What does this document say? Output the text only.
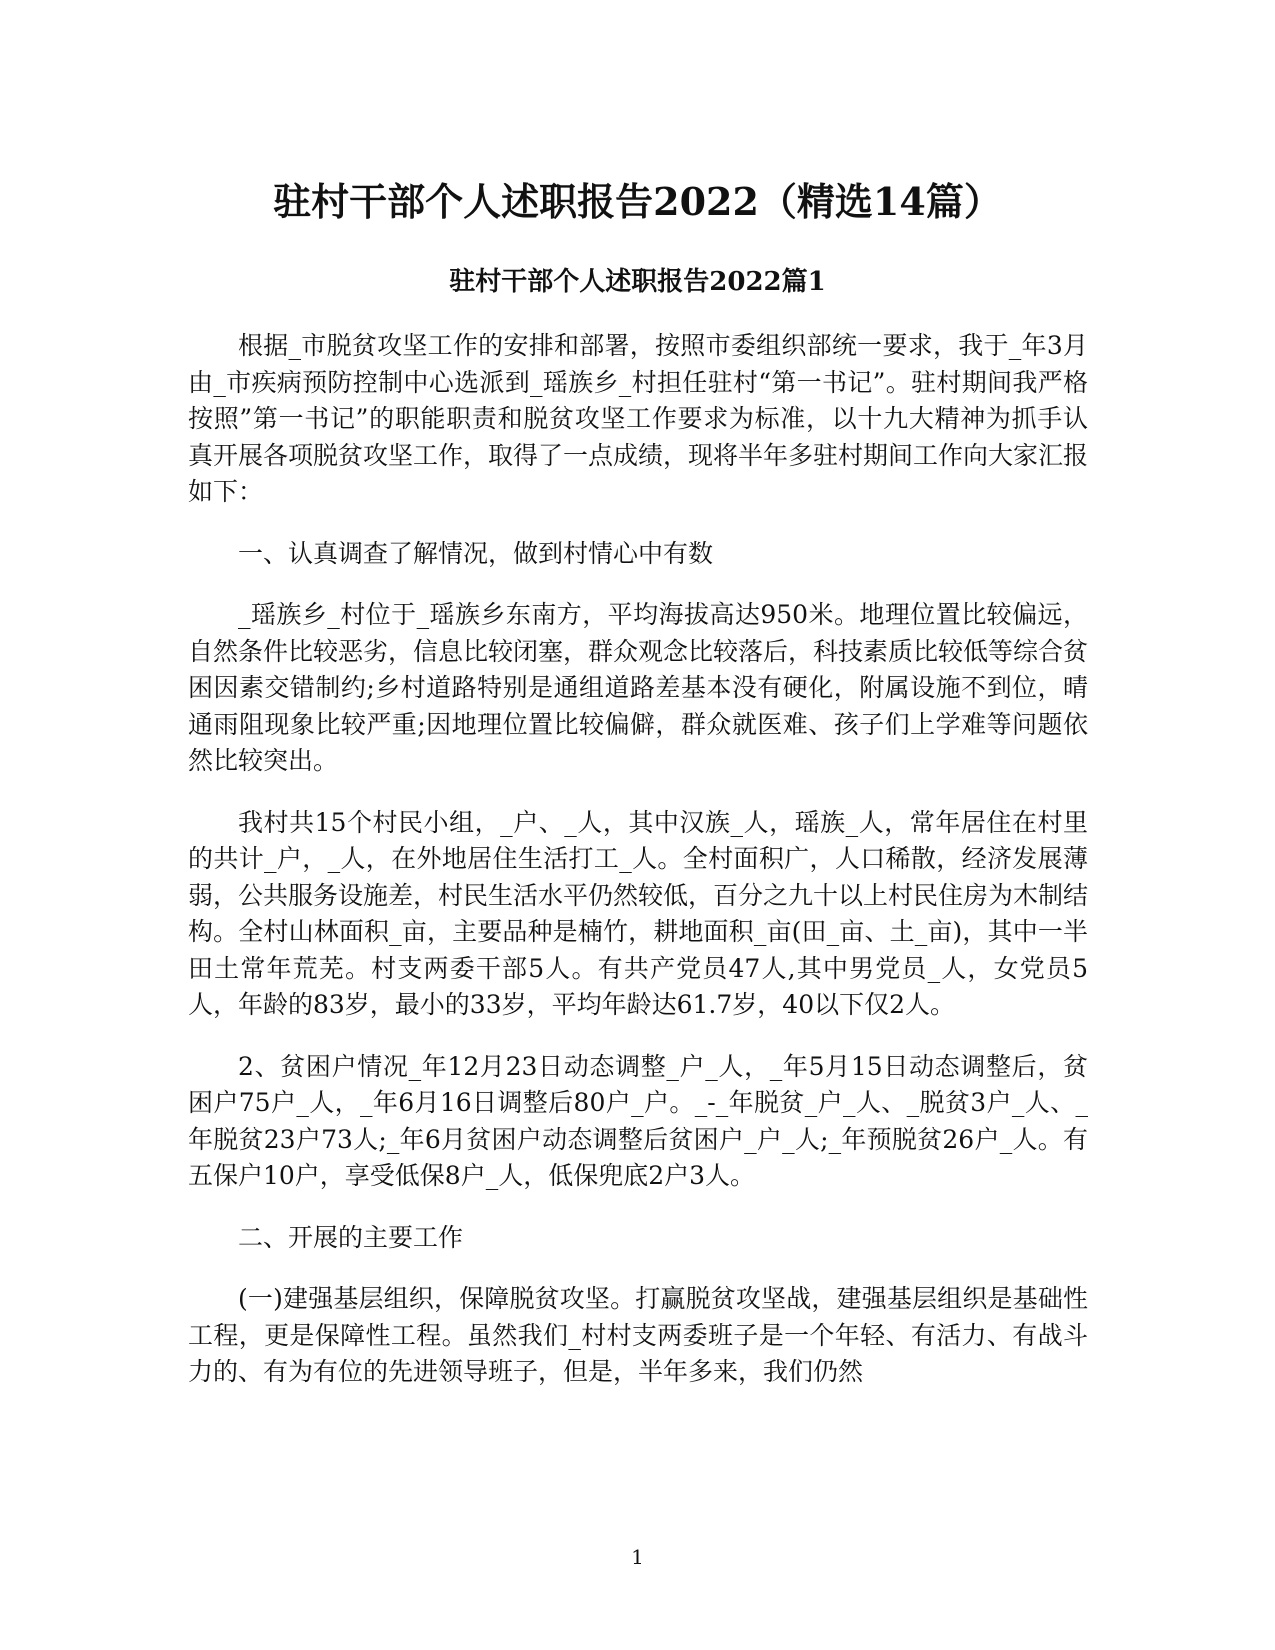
驻村干部个人述职报告2022（精选14篇）
驻村干部个人述职报告2022篇1

根据_市脱贫攻坚工作的安排和部署，按照市委组织部统一要求，我于_年3月由_市疾病预防控制中心选派到_瑶族乡_村担任驻村“第一书记”。驻村期间我严格按照”第一书记”的职能职责和脱贫攻坚工作要求为标准，以十九大精神为抓手认真开展各项脱贫攻坚工作，取得了一点成绩，现将半年多驻村期间工作向大家汇报如下：

一、认真调查了解情况，做到村情心中有数

_瑶族乡_村位于_瑶族乡东南方，平均海拔高达950米。地理位置比较偏远，自然条件比较恶劣，信息比较闭塞，群众观念比较落后，科技素质比较低等综合贫困因素交错制约;乡村道路特别是通组道路差基本没有硬化，附属设施不到位，晴通雨阻现象比较严重;因地理位置比较偏僻，群众就医难、孩子们上学难等问题依然比较突出。

我村共15个村民小组，_户、_人，其中汉族_人，瑶族_人，常年居住在村里的共计_户，_人，在外地居住生活打工_人。全村面积广，人口稀散，经济发展薄弱，公共服务设施差，村民生活水平仍然较低，百分之九十以上村民住房为木制结构。全村山林面积_亩，主要品种是楠竹，耕地面积_亩(田_亩、土_亩)，其中一半田土常年荒芜。村支两委干部5人。有共产党员47人,其中男党员_人，女党员5人，年龄的83岁，最小的33岁，平均年龄达61.7岁，40以下仅2人。

2、贫困户情况_年12月23日动态调整_户_人，_年5月15日动态调整后，贫困户75户_人，_年6月16日调整后80户_户。_-_年脱贫_户_人、_脱贫3户_人、_年脱贫23户73人;_年6月贫困户动态调整后贫困户_户_人;_年预脱贫26户_人。有五保户10户，享受低保8户_人，低保兜底2户3人。

二、开展的主要工作

(一)建强基层组织，保障脱贫攻坚。打赢脱贫攻坚战，建强基层组织是基础性工程，更是保障性工程。虽然我们_村村支两委班子是一个年轻、有活力、有战斗力的、有为有位的先进领导班子，但是，半年多来，我们仍然

1
